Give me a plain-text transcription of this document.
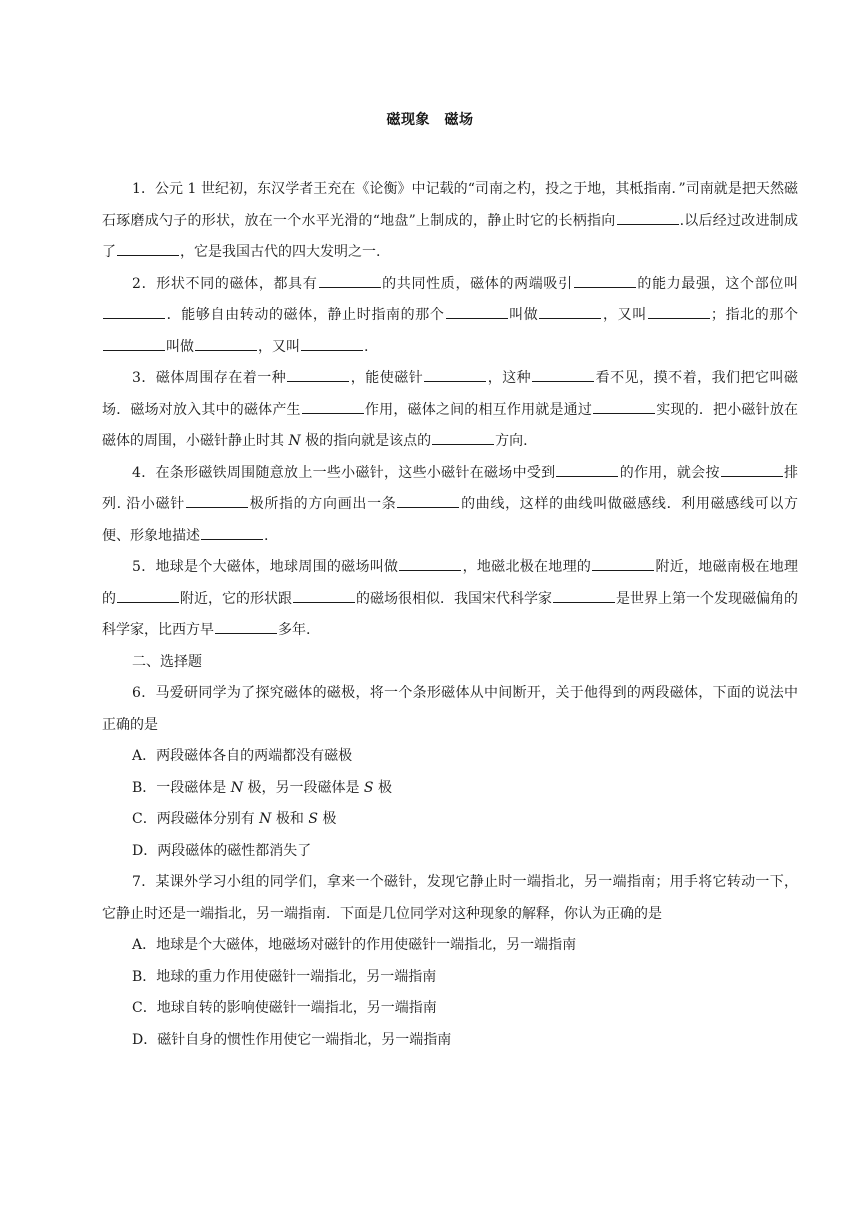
磁现象　磁场

1．公元 1 世纪初，东汉学者王充在《论衡》中记载的“司南之杓，投之于地，其柢指南．”司南就是把天然磁石琢磨成勺子的形状，放在一个水平光滑的“地盘”上制成的，静止时它的长柄指向	.以后经过改进制成了	，它是我国古代的四大发明之一.

2．形状不同的磁体，都具有	的共同性质，磁体的两端吸引	的能力最强，这个部位叫．能够自由转动的磁体，静止时指南的那个	叫做	，又叫	；指北的那个叫做	，又叫	.

3．磁体周围存在着一种	，能使磁针	，这种	看不见，摸不着，我们把它叫磁场．磁场对放入其中的磁体产生	作用，磁体之间的相互作用就是通过	实现的．把小磁针放在磁体的周围，小磁针静止时其 N 极的指向就是该点的	方向.

4．在条形磁铁周围随意放上一些小磁针，这些小磁针在磁场中受到	的作用，就会按	排列. 沿小磁针	极所指的方向画出一条	的曲线，这样的曲线叫做磁感线．利用磁感线可以方便、形象地描述	.

5．地球是个大磁体，地球周围的磁场叫做	，地磁北极在地理的	附近，地磁南极在地理的	附近，它的形状跟	的磁场很相似．我国宋代科学家	是世界上第一个发现磁偏角的科学家，比西方早	多年.

二、选择题

6．马爱研同学为了探究磁体的磁极，将一个条形磁体从中间断开，关于他得到的两段磁体，下面的说法中正确的是

A．两段磁体各自的两端都没有磁极

B．一段磁体是 N 极，另一段磁体是 S 极

C．两段磁体分别有 N 极和 S 极

D．两段磁体的磁性都消失了

7．某课外学习小组的同学们，拿来一个磁针，发现它静止时一端指北，另一端指南；用手将它转动一下，它静止时还是一端指北，另一端指南．下面是几位同学对这种现象的解释，你认为正确的是

A．地球是个大磁体，地磁场对磁针的作用使磁针一端指北，另一端指南

B．地球的重力作用使磁针一端指北，另一端指南

C．地球自转的影响使磁针一端指北，另一端指南

D．磁针自身的惯性作用使它一端指北，另一端指南
